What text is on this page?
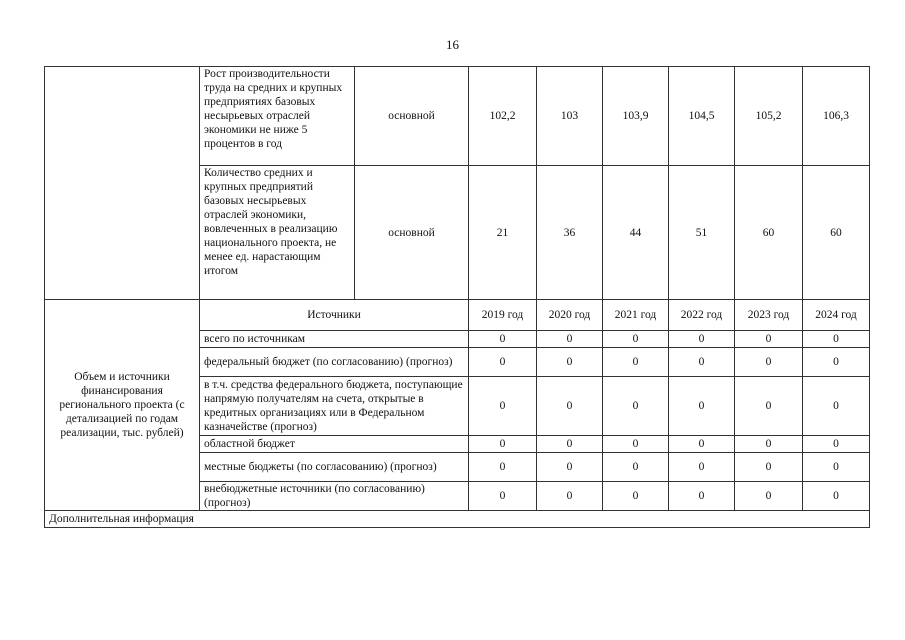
16
	Рост производительности труда на средних и крупных предприятиях базовых несырьевых отраслей экономики не ниже 5 процентов в год	основной	102,2	103	103,9	104,5	105,2	106,3
	Количество средних и крупных предприятий базовых несырьевых отраслей экономики, вовлеченных в реализацию национального проекта, не менее ед. нарастающим итогом	основной	21	36	44	51	60	60
Объем и источники финансирования регионального проекта (с детализацией по годам реализации, тыс. рублей)	Источники		2019 год	2020 год	2021 год	2022 год	2023 год	2024 год
	всего по источникам		0	0	0	0	0	0
	федеральный бюджет (по согласованию) (прогноз)		0	0	0	0	0	0
	в т.ч. средства федерального бюджета, поступающие напрямую получателям на счета, открытые в кредитных организациях или в Федеральном казначействе (прогноз)		0	0	0	0	0	0
	областной бюджет		0	0	0	0	0	0
	местные бюджеты (по согласованию) (прогноз)		0	0	0	0	0	0
	внебюджетные источники (по согласованию) (прогноз)		0	0	0	0	0	0
Дополнительная информация								
